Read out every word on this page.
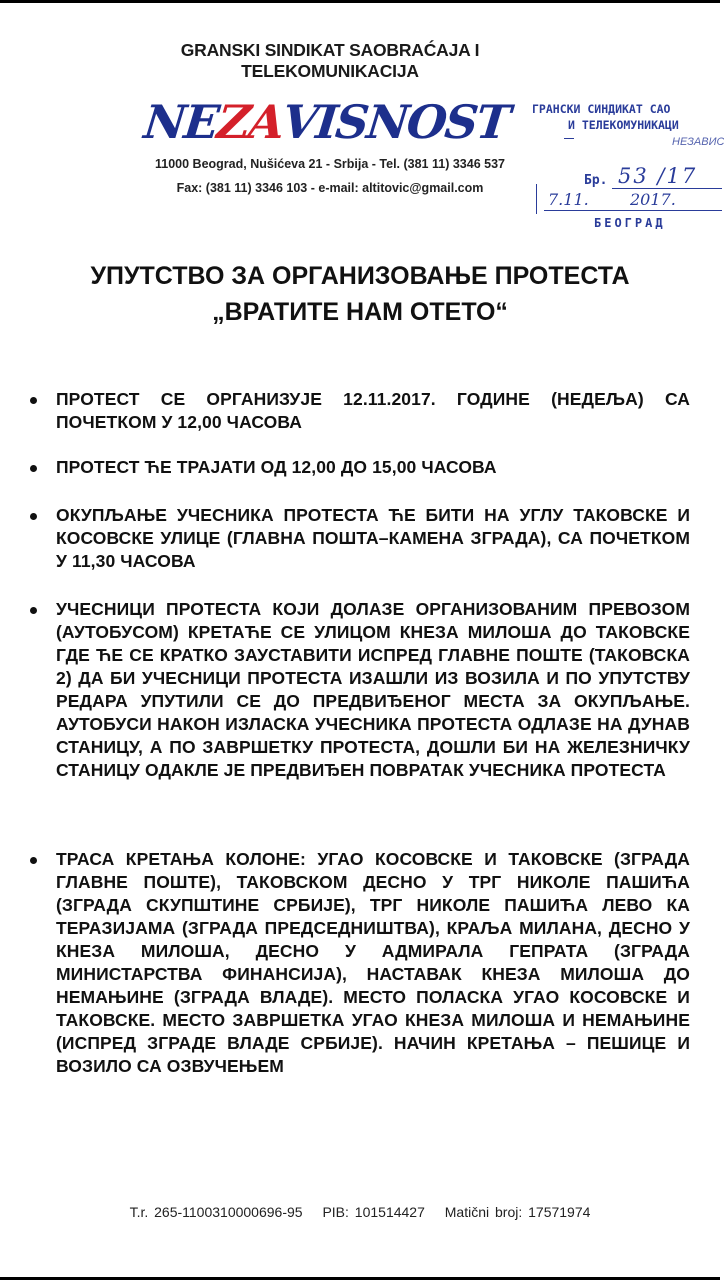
GRANSKI SINDIKAT SAOBRAĆAJA I TELEKOMUNIKACIJA
NEZAVISNOST
11000 Beograd, Nušićeva 21 - Srbija - Tel. (381 11) 3346 537
Fax: (381 11) 3346 103 - e-mail: altitovic@gmail.com
ГРАНСКИ СИНДИКАТ САО
И ТЕЛЕКОМУНИКАЦИ
НЕЗАВИС
Бр. 53 /17
7.11.	2017.
БЕОГРАД
УПУТСТВО ЗА ОРГАНИЗОВАЊЕ ПРОТЕСТА
„ВРАТИТЕ НАМ ОТЕТО“
ПРОТЕСТ СЕ ОРГАНИЗУЈЕ 12.11.2017. ГОДИНЕ (НЕДЕЉА) СА ПОЧЕТКОМ У 12,00 ЧАСОВА
ПРОТЕСТ ЋЕ ТРАЈАТИ ОД 12,00 ДО 15,00 ЧАСОВА
ОКУПЉАЊЕ УЧЕСНИКА ПРОТЕСТА ЋЕ БИТИ НА УГЛУ ТАКОВСКЕ И КОСОВСКЕ УЛИЦЕ (ГЛАВНА ПОШТА–КАМЕНА ЗГРАДА), СА ПОЧЕТКОМ У 11,30 ЧАСОВА
УЧЕСНИЦИ ПРОТЕСТА КОЈИ ДОЛАЗЕ ОРГАНИЗОВАНИМ ПРЕВОЗОМ (АУТОБУСОМ) КРЕТАЋЕ СЕ УЛИЦОМ КНЕЗА МИЛОША ДО ТАКОВСКЕ ГДЕ ЋЕ СЕ КРАТКО ЗАУСТАВИТИ ИСПРЕД ГЛАВНЕ ПОШТЕ (ТАКОВСКА 2) ДА БИ УЧЕСНИЦИ ПРОТЕСТА ИЗАШЛИ ИЗ ВОЗИЛА И ПО УПУТСТВУ РЕДАРА УПУТИЛИ СЕ ДО ПРЕДВИЂЕНОГ МЕСТА ЗА ОКУПЉАЊЕ. АУТОБУСИ НАКОН ИЗЛАСКА УЧЕСНИКА ПРОТЕСТА ОДЛАЗЕ НА ДУНАВ СТАНИЦУ, А ПО ЗАВРШЕТКУ ПРОТЕСТА, ДОШЛИ БИ НА ЖЕЛЕЗНИЧКУ СТАНИЦУ ОДАКЛЕ ЈЕ ПРЕДВИЂЕН ПОВРАТАК УЧЕСНИКА ПРОТЕСТА
ТРАСА КРЕТАЊА КОЛОНЕ: УГАО КОСОВСКЕ И ТАКОВСКЕ (ЗГРАДА ГЛАВНЕ ПОШТЕ), ТАКОВСКОМ ДЕСНО У ТРГ НИКОЛЕ ПАШИЋА (ЗГРАДА СКУПШТИНЕ СРБИЈЕ), ТРГ НИКОЛЕ ПАШИЋА ЛЕВО КА ТЕРАЗИЈАМА (ЗГРАДА ПРЕДСЕДНИШТВА), КРАЉА МИЛАНА, ДЕСНО У КНЕЗА МИЛОША, ДЕСНО У АДМИРАЛА ГЕПРАТА (ЗГРАДА МИНИСТАРСТВА ФИНАНСИЈА), НАСТАВАК КНЕЗА МИЛОША ДО НЕМАЊИНЕ (ЗГРАДА ВЛАДЕ). МЕСТО ПОЛАСКА УГАО КОСОВСКЕ И ТАКОВСКЕ. МЕСТО ЗАВРШЕТКА УГАО КНЕЗА МИЛОША И НЕМАЊИНЕ (ИСПРЕД ЗГРАДЕ ВЛАДЕ СРБИЈЕ). НАЧИН КРЕТАЊА – ПЕШИЦЕ И ВОЗИЛО СА ОЗВУЧЕЊЕМ
T.r. 265-1100310000696-95 PIB: 101514427 Matični broj: 17571974
